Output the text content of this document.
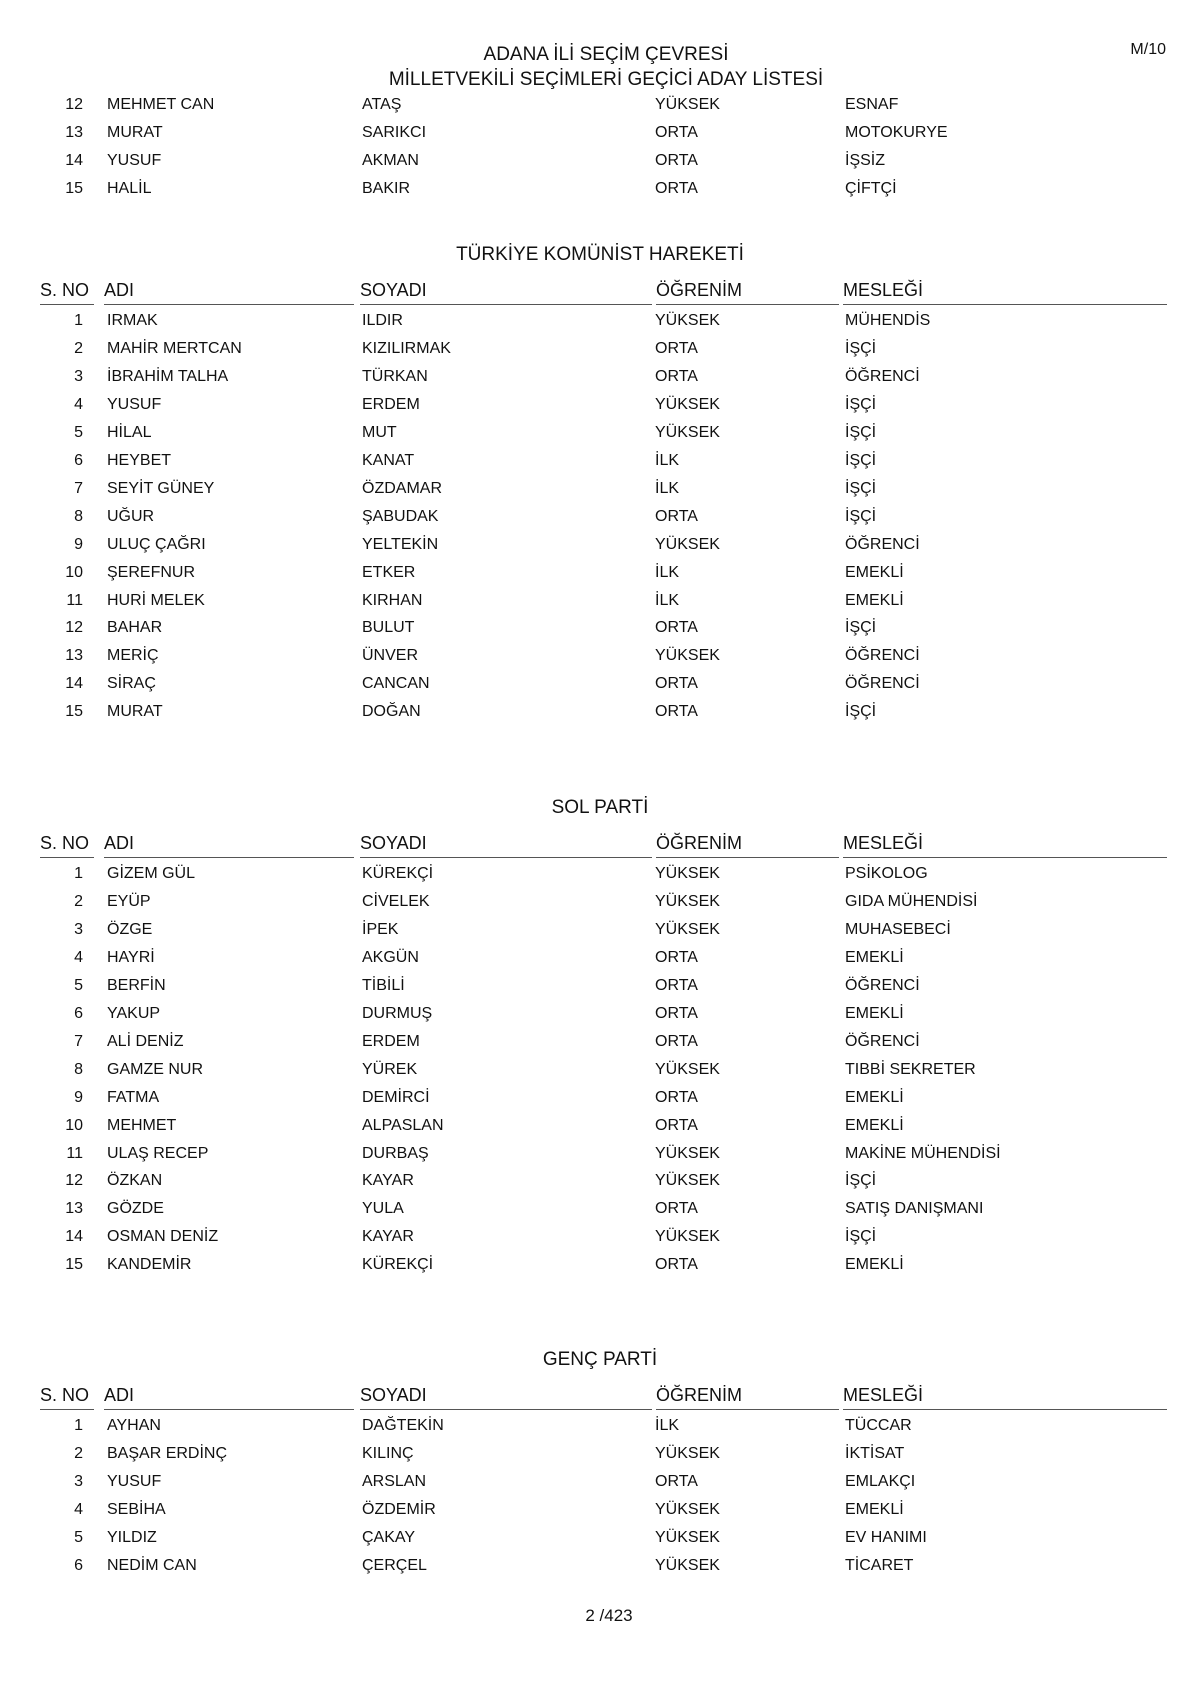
M/10
ADANA İLİ SEÇİM ÇEVRESİ
MİLLETVEKİLİ SEÇİMLERİ GEÇİCİ ADAY LİSTESİ
12 MEHMET CAN	ATAŞ	YÜKSEK	ESNAF
13 MURAT	SARIKCI	ORTA	MOTOKURYE
14 YUSUF	AKMAN	ORTA	İŞSİZ
15 HALİL	BAKIR	ORTA	ÇİFTÇİ
TÜRKİYE KOMÜNİST HAREKETİ
S. NO ADI	SOYADI	ÖĞRENİM	MESLEĞİ
1 IRMAK	ILDIR	YÜKSEK	MÜHENDİS
2 MAHİR MERTCAN	KIZILIRMAK	ORTA	İŞÇİ
3 İBRAHİM TALHA	TÜRKAN	ORTA	ÖĞRENCİ
4 YUSUF	ERDEM	YÜKSEK	İŞÇİ
5 HİLAL	MUT	YÜKSEK	İŞÇİ
6 HEYBET	KANAT	İLK	İŞÇİ
7 SEYİT GÜNEY	ÖZDAMAR	İLK	İŞÇİ
8 UĞUR	ŞABUDAK	ORTA	İŞÇİ
9 ULUÇ ÇAĞRI	YELTEKİN	YÜKSEK	ÖĞRENCİ
10 ŞEREFNUR	ETKER	İLK	EMEKLİ
11 HURİ MELEK	KIRHAN	İLK	EMEKLİ
12 BAHAR	BULUT	ORTA	İŞÇİ
13 MERİÇ	ÜNVER	YÜKSEK	ÖĞRENCİ
14 SİRAÇ	CANCAN	ORTA	ÖĞRENCİ
15 MURAT	DOĞAN	ORTA	İŞÇİ
SOL PARTİ
S. NO ADI	SOYADI	ÖĞRENİM	MESLEĞİ
1 GİZEM GÜL	KÜREKÇİ	YÜKSEK	PSİKOLOG
2 EYÜP	CİVELEK	YÜKSEK	GIDA MÜHENDİSİ
3 ÖZGE	İPEK	YÜKSEK	MUHASEBECİ
4 HAYRİ	AKGÜN	ORTA	EMEKLİ
5 BERFİN	TİBİLİ	ORTA	ÖĞRENCİ
6 YAKUP	DURMUŞ	ORTA	EMEKLİ
7 ALİ DENİZ	ERDEM	ORTA	ÖĞRENCİ
8 GAMZE NUR	YÜREK	YÜKSEK	TIBBİ SEKRETER
9 FATMA	DEMİRCİ	ORTA	EMEKLİ
10 MEHMET	ALPASLAN	ORTA	EMEKLİ
11 ULAŞ RECEP	DURBAŞ	YÜKSEK	MAKİNE MÜHENDİSİ
12 ÖZKAN	KAYAR	YÜKSEK	İŞÇİ
13 GÖZDE	YULA	ORTA	SATIŞ DANIŞMANI
14 OSMAN DENİZ	KAYAR	YÜKSEK	İŞÇİ
15 KANDEMİR	KÜREKÇİ	ORTA	EMEKLİ
GENÇ PARTİ
S. NO ADI	SOYADI	ÖĞRENİM	MESLEĞİ
1 AYHAN	DAĞTEKİN	İLK	TÜCCAR
2 BAŞAR ERDİNÇ	KILINÇ	YÜKSEK	İKTİSAT
3 YUSUF	ARSLAN	ORTA	EMLAKÇI
4 SEBİHA	ÖZDEMİR	YÜKSEK	EMEKLİ
5 YILDIZ	ÇAKAY	YÜKSEK	EV HANIMI
6 NEDİM CAN	ÇERÇEL	YÜKSEK	TİCARET
2 /423
